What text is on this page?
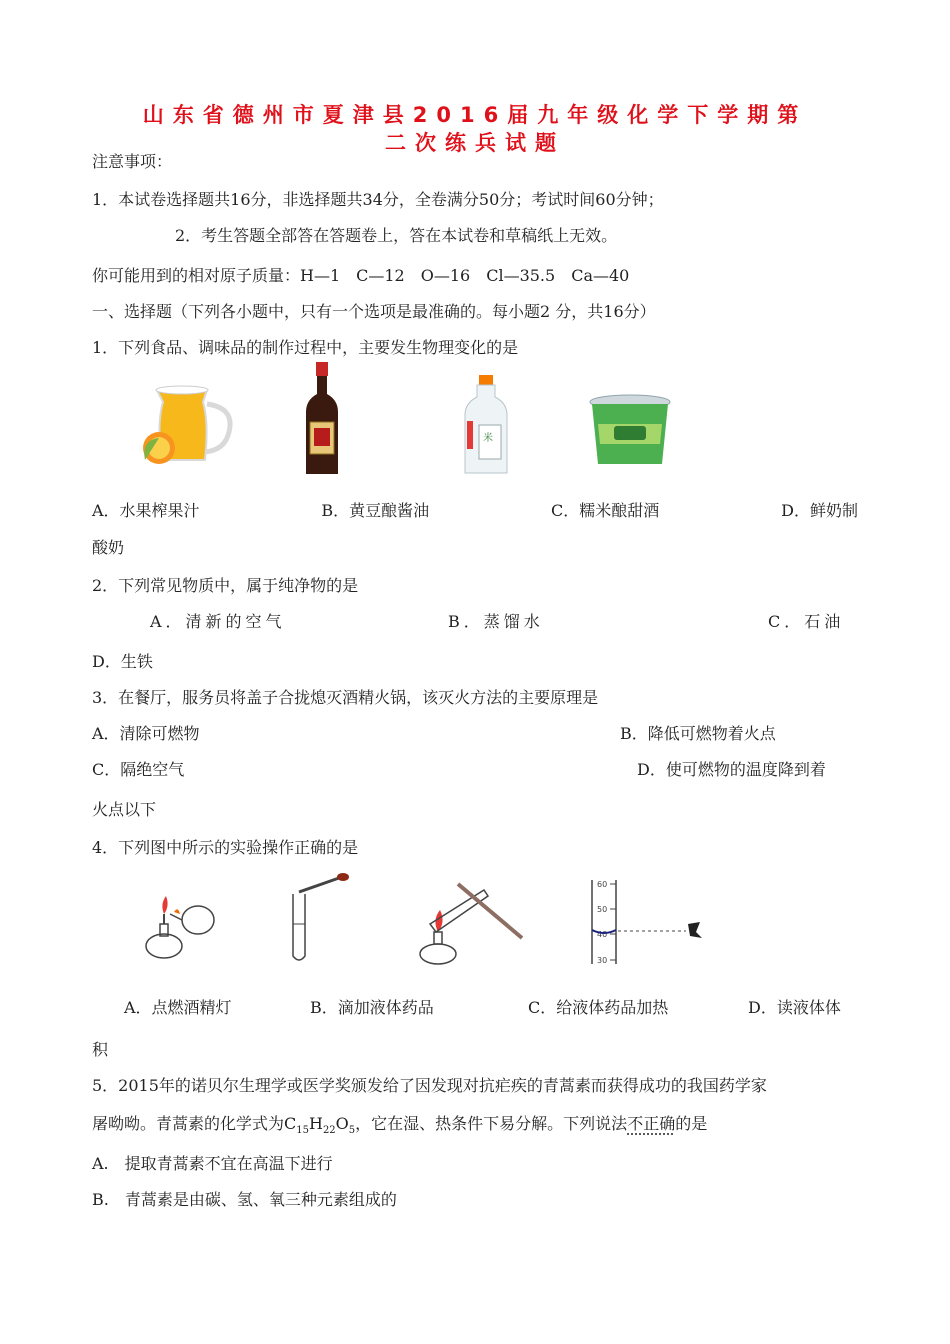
山东省德州市夏津县2016届九年级化学下学期第
二次练兵试题
注意事项：
1．本试卷选择题共16分，非选择题共34分，全卷满分50分；考试时间60分钟；
2．考生答题全部答在答题卷上，答在本试卷和草稿纸上无效。
你可能用到的相对原子质量：H—1　C—12　O—16　Cl—35.5　Ca—40
一、选择题（下列各小题中，只有一个选项是最准确的。每小题2 分，共16分）
1．下列食品、调味品的制作过程中，主要发生物理变化的是
米
A．水果榨果汁	B．黄豆酿酱油	C．糯米酿甜酒	D．鲜奶制
酸奶
2．下列常见物质中，属于纯净物的是
A．清新的空气	B．蒸馏水	C．石油
D．生铁
3．在餐厅，服务员将盖子合拢熄灭酒精火锅，该灭火方法的主要原理是
A．清除可燃物	B．降低可燃物着火点
C．隔绝空气	D．使可燃物的温度降到着
火点以下
4．下列图中所示的实验操作正确的是
60
50
40
30
A．点燃酒精灯	B．滴加液体药品	C．给液体药品加热	D．读液体体
积
5．2015年的诺贝尔生理学或医学奖颁发给了因发现对抗疟疾的青蒿素而获得成功的我国药学家
屠呦呦。青蒿素的化学式为$C_{15}H_{22}O_5$，它在湿、热条件下易分解。下列说法不正确的是
A.　提取青蒿素不宜在高温下进行
B.　青蒿素是由碳、氢、氧三种元素组成的
